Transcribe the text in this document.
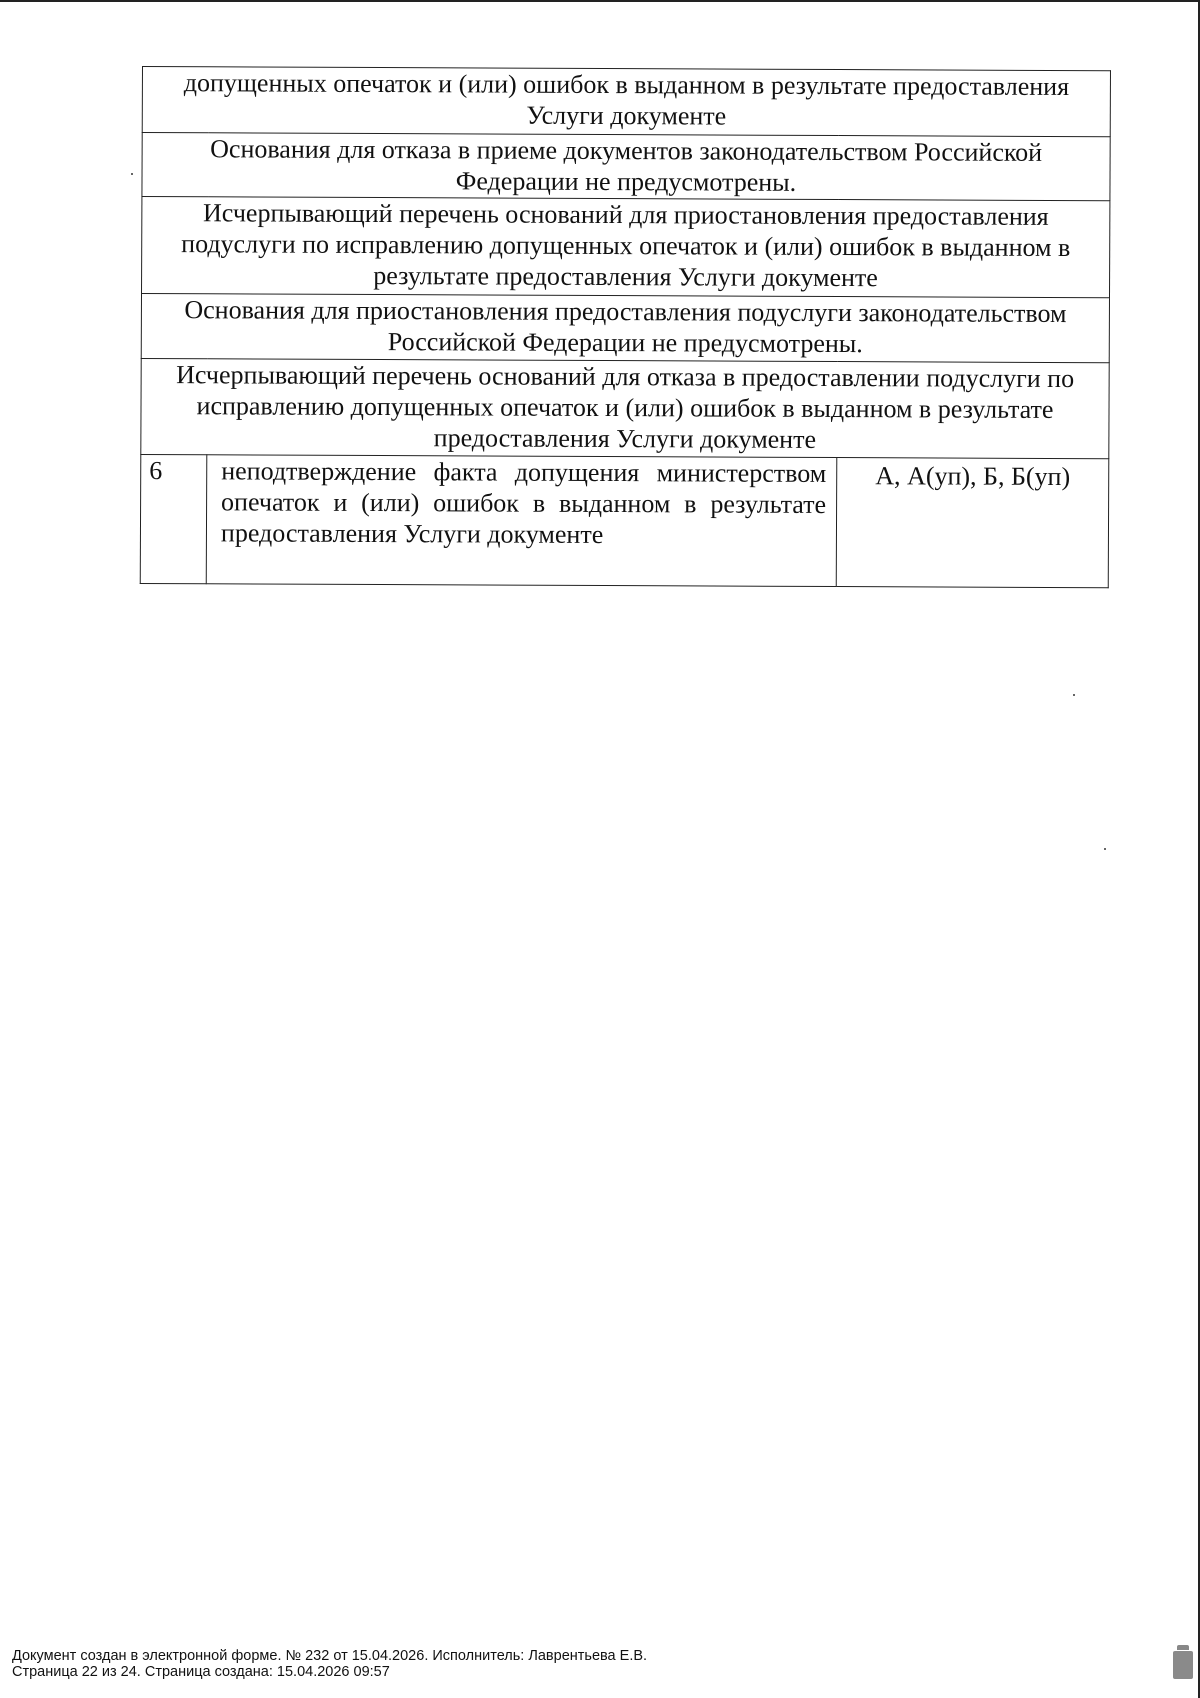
допущенных опечаток и (или) ошибок в выданном в результате предоставления Услуги документе
Основания для отказа в приеме документов законодательством Российской Федерации не предусмотрены.
Исчерпывающий перечень оснований для приостановления предоставления подуслуги по исправлению допущенных опечаток и (или) ошибок в выданном в результате предоставления Услуги документе
Основания для приостановления предоставления подуслуги законодательством Российской Федерации не предусмотрены.
Исчерпывающий перечень оснований для отказа в предоставлении подуслуги по исправлению допущенных опечаток и (или) ошибок в выданном в результате предоставления Услуги документе
6	неподтверждение факта допущения министерством опечаток и (или) ошибок в выданном в результате предоставления Услуги документе	А, А(уп), Б, Б(уп)
Документ создан в электронной форме. № 232 от 15.04.2026. Исполнитель: Лаврентьева Е.В.
Страница 22 из 24. Страница создана: 15.04.2026 09:57
